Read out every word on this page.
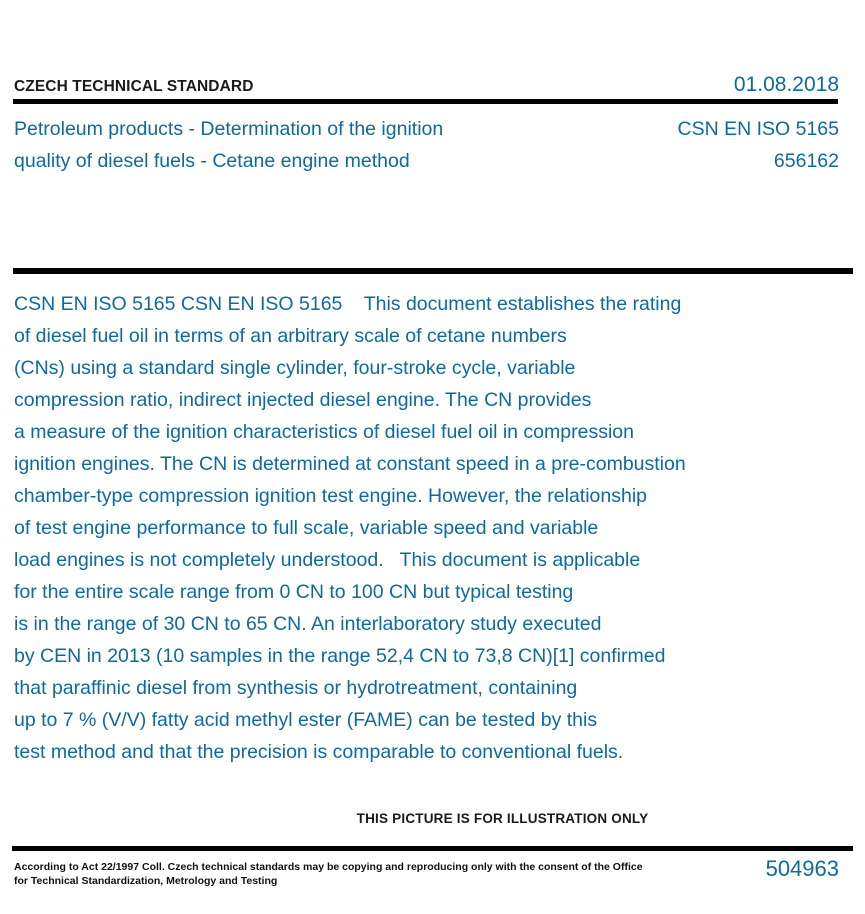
CZECH TECHNICAL STANDARD	01.08.2018
Petroleum products - Determination of the ignition
quality of diesel fuels - Cetane engine method
CSN EN ISO 5165
656162
CSN EN ISO 5165 CSN EN ISO 5165    This document establishes the rating
of diesel fuel oil in terms of an arbitrary scale of cetane numbers
(CNs) using a standard single cylinder, four-stroke cycle, variable
compression ratio, indirect injected diesel engine. The CN provides
a measure of the ignition characteristics of diesel fuel oil in compression
ignition engines. The CN is determined at constant speed in a pre-combustion
chamber-type compression ignition test engine. However, the relationship
of test engine performance to full scale, variable speed and variable
load engines is not completely understood.   This document is applicable
for the entire scale range from 0 CN to 100 CN but typical testing
is in the range of 30 CN to 65 CN. An interlaboratory study executed
by CEN in 2013 (10 samples in the range 52,4 CN to 73,8 CN)[1] confirmed
that paraffinic diesel from synthesis or hydrotreatment, containing
up to 7 % (V/V) fatty acid methyl ester (FAME) can be tested by this
test method and that the precision is comparable to conventional fuels.
THIS PICTURE IS FOR ILLUSTRATION ONLY
According to Act 22/1997 Coll. Czech technical standards may be copying and reproducing only with the consent of the Office
for Technical Standardization, Metrology and Testing	504963
